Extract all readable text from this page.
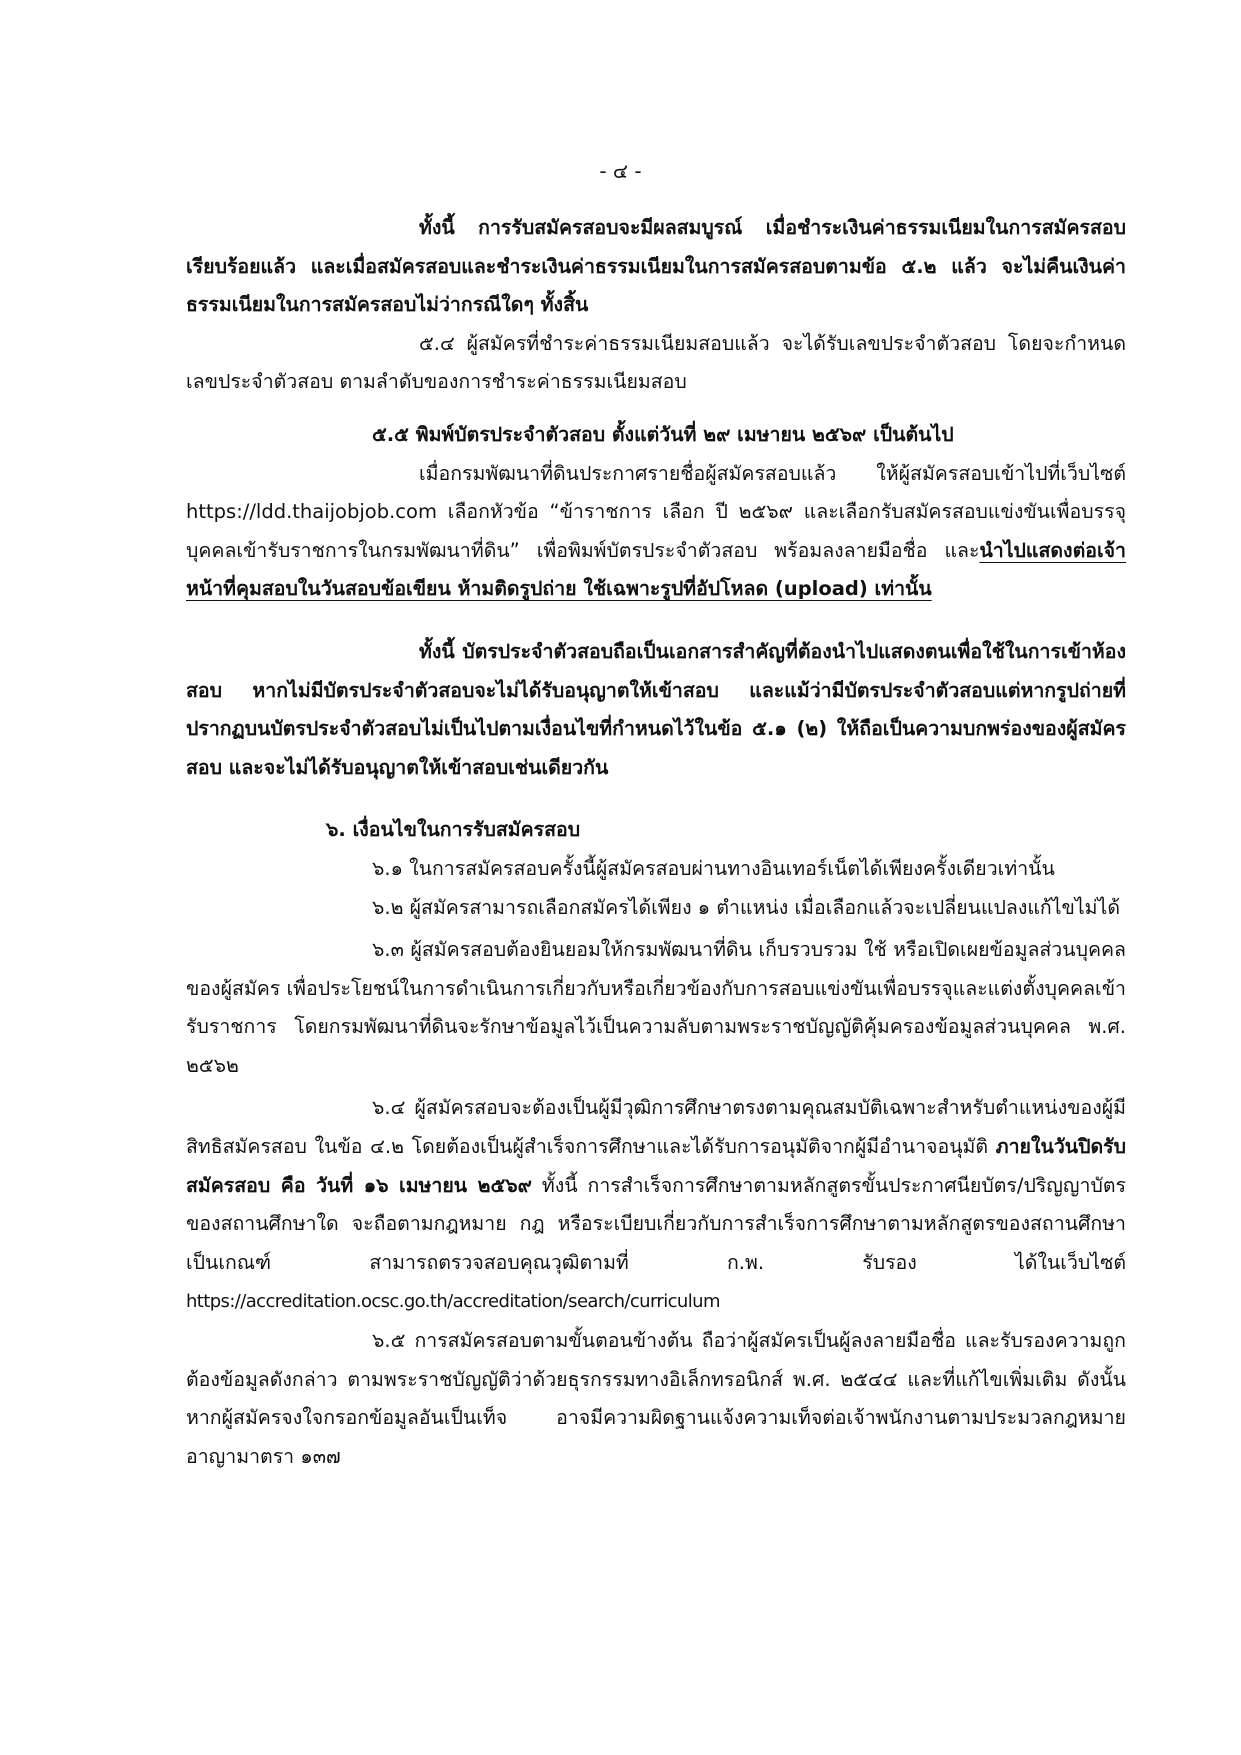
- ๔ -

ทั้งนี้ การรับสมัครสอบจะมีผลสมบูรณ์ เมื่อชำระเงินค่าธรรมเนียมในการสมัครสอบเรียบร้อยแล้ว และเมื่อสมัครสอบและชำระเงินค่าธรรมเนียมในการสมัครสอบตามข้อ ๕.๒ แล้ว จะไม่คืนเงินค่าธรรมเนียมในการสมัครสอบไม่ว่ากรณีใดๆ ทั้งสิ้น

๕.๔ ผู้สมัครที่ชำระค่าธรรมเนียมสอบแล้ว จะได้รับเลขประจำตัวสอบ โดยจะกำหนดเลขประจำตัวสอบ ตามลำดับของการชำระค่าธรรมเนียมสอบ

๕.๕ พิมพ์บัตรประจำตัวสอบ ตั้งแต่วันที่ ๒๙ เมษายน ๒๕๖๙ เป็นต้นไป

เมื่อกรมพัฒนาที่ดินประกาศรายชื่อผู้สมัครสอบแล้ว ให้ผู้สมัครสอบเข้าไปที่เว็บไซต์ https://ldd.thaijobjob.com เลือกหัวข้อ “ข้าราชการ เลือก ปี ๒๕๖๙ และเลือกรับสมัครสอบแข่งขันเพื่อบรรจุบุคคลเข้ารับราชการในกรมพัฒนาที่ดิน” เพื่อพิมพ์บัตรประจำตัวสอบ พร้อมลงลายมือชื่อ และนำไปแสดงต่อเจ้าหน้าที่คุมสอบในวันสอบข้อเขียน ห้ามติดรูปถ่าย ใช้เฉพาะรูปที่อัปโหลด (upload) เท่านั้น

ทั้งนี้ บัตรประจำตัวสอบถือเป็นเอกสารสำคัญที่ต้องนำไปแสดงตนเพื่อใช้ในการเข้าห้องสอบ หากไม่มีบัตรประจำตัวสอบจะไม่ได้รับอนุญาตให้เข้าสอบ และแม้ว่ามีบัตรประจำตัวสอบแต่หากรูปถ่ายที่ปรากฏบนบัตรประจำตัวสอบไม่เป็นไปตามเงื่อนไขที่กำหนดไว้ในข้อ ๕.๑ (๒) ให้ถือเป็นความบกพร่องของผู้สมัครสอบ และจะไม่ได้รับอนุญาตให้เข้าสอบเช่นเดียวกัน

๖. เงื่อนไขในการรับสมัครสอบ

๖.๑ ในการสมัครสอบครั้งนี้ผู้สมัครสอบผ่านทางอินเทอร์เน็ตได้เพียงครั้งเดียวเท่านั้น

๖.๒ ผู้สมัครสามารถเลือกสมัครได้เพียง ๑ ตำแหน่ง เมื่อเลือกแล้วจะเปลี่ยนแปลงแก้ไขไม่ได้

๖.๓ ผู้สมัครสอบต้องยินยอมให้กรมพัฒนาที่ดิน เก็บรวบรวม ใช้ หรือเปิดเผยข้อมูลส่วนบุคคลของผู้สมัคร เพื่อประโยชน์ในการดำเนินการเกี่ยวกับหรือเกี่ยวข้องกับการสอบแข่งขันเพื่อบรรจุและแต่งตั้งบุคคลเข้ารับราชการ โดยกรมพัฒนาที่ดินจะรักษาข้อมูลไว้เป็นความลับตามพระราชบัญญัติคุ้มครองข้อมูลส่วนบุคคล พ.ศ. ๒๕๖๒

๖.๔ ผู้สมัครสอบจะต้องเป็นผู้มีวุฒิการศึกษาตรงตามคุณสมบัติเฉพาะสำหรับตำแหน่งของผู้มีสิทธิสมัครสอบ ในข้อ ๔.๒ โดยต้องเป็นผู้สำเร็จการศึกษาและได้รับการอนุมัติจากผู้มีอำนาจอนุมัติ ภายในวันปิดรับสมัครสอบ คือ วันที่ ๑๖ เมษายน ๒๕๖๙ ทั้งนี้ การสำเร็จการศึกษาตามหลักสูตรขั้นประกาศนียบัตร/ปริญญาบัตร ของสถานศึกษาใด จะถือตามกฎหมาย กฎ หรือระเบียบเกี่ยวกับการสำเร็จการศึกษาตามหลักสูตรของสถานศึกษาเป็นเกณฑ์ สามารถตรวจสอบคุณวุฒิตามที่ ก.พ. รับรอง ได้ในเว็บไซต์ https://accreditation.ocsc.go.th/accreditation/search/curriculum

๖.๕ การสมัครสอบตามขั้นตอนข้างต้น ถือว่าผู้สมัครเป็นผู้ลงลายมือชื่อ และรับรองความถูกต้องข้อมูลดังกล่าว ตามพระราชบัญญัติว่าด้วยธุรกรรมทางอิเล็กทรอนิกส์ พ.ศ. ๒๕๔๔ และที่แก้ไขเพิ่มเติม ดังนั้น หากผู้สมัครจงใจกรอกข้อมูลอันเป็นเท็จ อาจมีความผิดฐานแจ้งความเท็จต่อเจ้าพนักงานตามประมวลกฎหมายอาญามาตรา ๑๓๗
